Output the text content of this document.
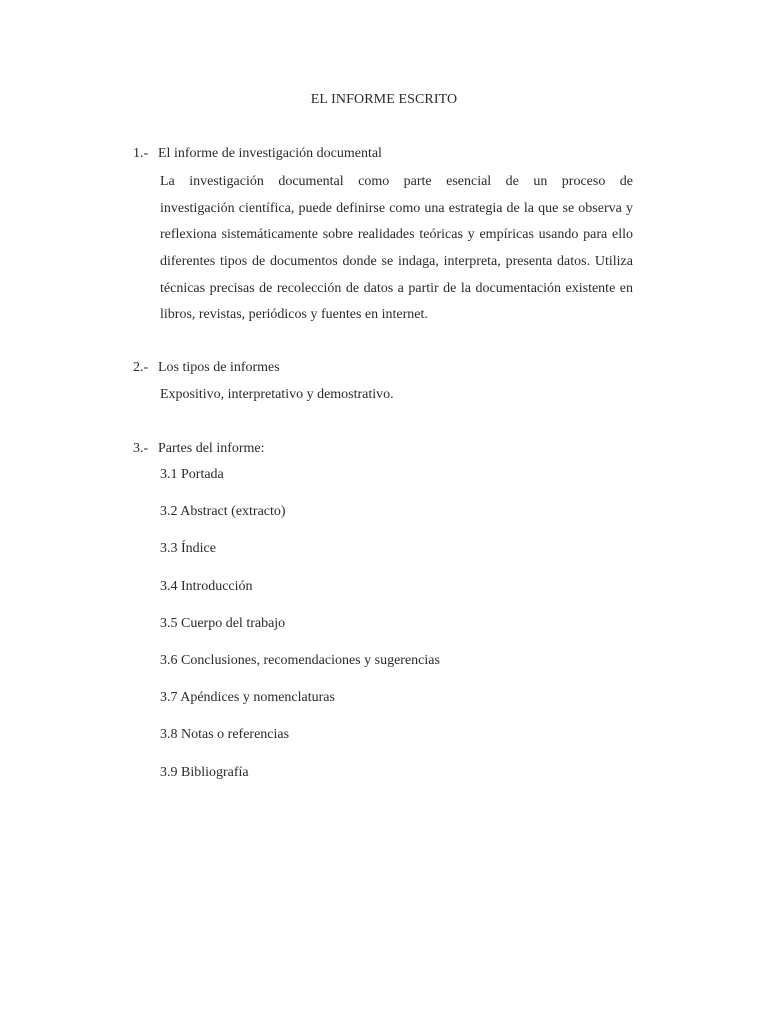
EL INFORME ESCRITO
1.- El informe de investigación documental
La investigación documental como parte esencial de un proceso de
investigación científica, puede definirse como una estrategia de la que se observa y
reflexiona sistemáticamente sobre realidades teóricas y empíricas usando para ello
diferentes tipos de documentos donde se indaga, interpreta, presenta datos. Utiliza
técnicas precisas de recolección de datos a partir de la documentación existente en
libros, revistas, periódicos y fuentes en internet.
2.- Los tipos de informes
Expositivo, interpretativo y demostrativo.
3.- Partes del informe:
3.1 Portada
3.2 Abstract (extracto)
3.3 Índice
3.4 Introducción
3.5 Cuerpo del trabajo
3.6 Conclusiones, recomendaciones y sugerencias
3.7 Apéndices y nomenclaturas
3.8 Notas o referencias
3.9 Bibliografía
